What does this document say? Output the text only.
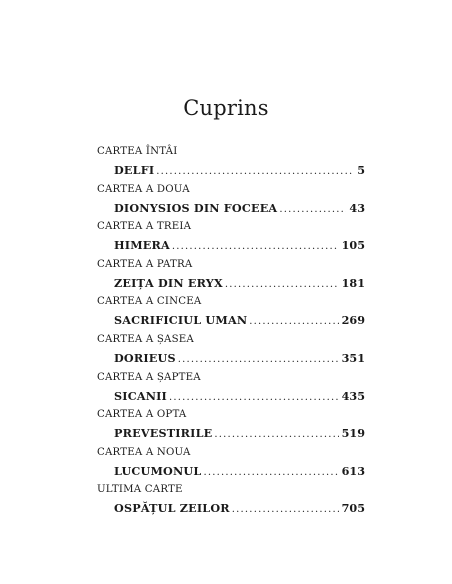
Cuprins
CARTEA ÎNTÂI
DELFI .....	5
CARTEA A DOUA
DIONYSIOS DIN FOCEEA .....	43
CARTEA A TREIA
HIMERA .....	105
CARTEA A PATRA
ZEIȚA DIN ERYX .....	181
CARTEA A CINCEA
SACRIFICIUL UMAN .....	269
CARTEA A ȘASEA
DORIEUS .....	351
CARTEA A ȘAPTEA
SICANII .....	435
CARTEA A OPTA
PREVESTIRILE .....	519
CARTEA A NOUA
LUCUMONUL .....	613
ULTIMA CARTE
OSPĂȚUL ZEILOR .....	705
